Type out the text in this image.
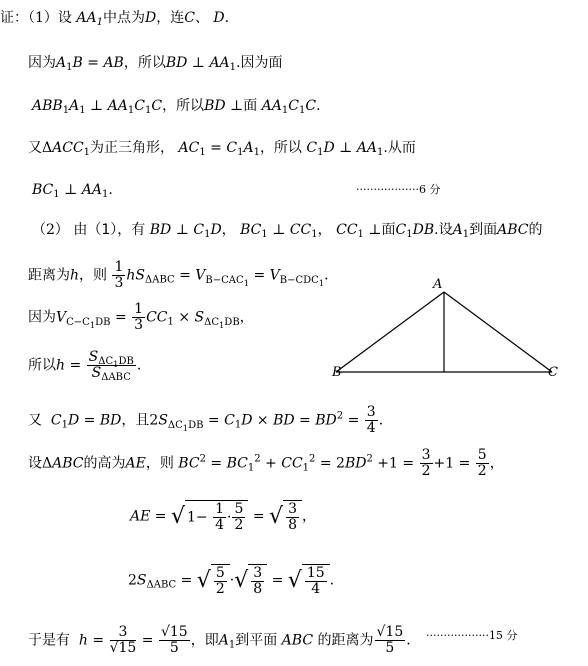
证：（1）设 $AA_1$中点为D，连C、 D.
因为$A_1B$ = AB，所以BD ⊥ $AA_1$.因为面
$ABB_1A_1$ ⊥ $AA_1C_1C$，所以BD ⊥面 $AA_1C_1C$.
又$\Delta ACC_1$为正三角形， $AC_1 = C_1A_1$，所以 $C_1D$ ⊥ $AA_1$.从而
$BC_1$ ⊥ $AA_1$.	··················6 分
（2） 由（1），有 BD ⊥ $C_1D$， $BC_1$ ⊥ $CC_1$， $CC_1$ ⊥面$C_1DB$.设$A_1$到面ABC的
距离为h，则 $\frac{1}{3} hS_{\Delta ABC} = V_{B-CAC_1} = V_{B-CDC_1}$.
因为$V_{C-C_1DB} = \frac{1}{3} CC_1 \times S_{\Delta C_1DB}$，
所以h =
$S_{\Delta C_1DB}$
$S_{\Delta ABC}$
.
又 $C_1D$ = BD，且$2S_{\Delta C_1DB} = C_1D$ × BD = $BD^2 = \frac{3}{4}$ .
设ΔABC的高为AE，则 $BC^2 = BC_1^2 + CC_1^2 = 2BD^2 +1 = \frac{3}{2} +1 = \frac{5}{2}$ ，
AE = √ $1- \frac{1}{4} \cdot \frac{5}{2}$ = √ $\frac{3}{8}$ ，
$2S_{\Delta ABC}$ = √ $\frac{5}{2}$ ·√ $\frac{3}{8}$ = √ $\frac{15}{4}$ .
于是有 $h = \frac{3}{√15} = \frac{√15}{5}$ ，即$A_1$到平面 ABC 的距离为 $\frac{√15}{5}$ . ··················15 分
A
B	C
